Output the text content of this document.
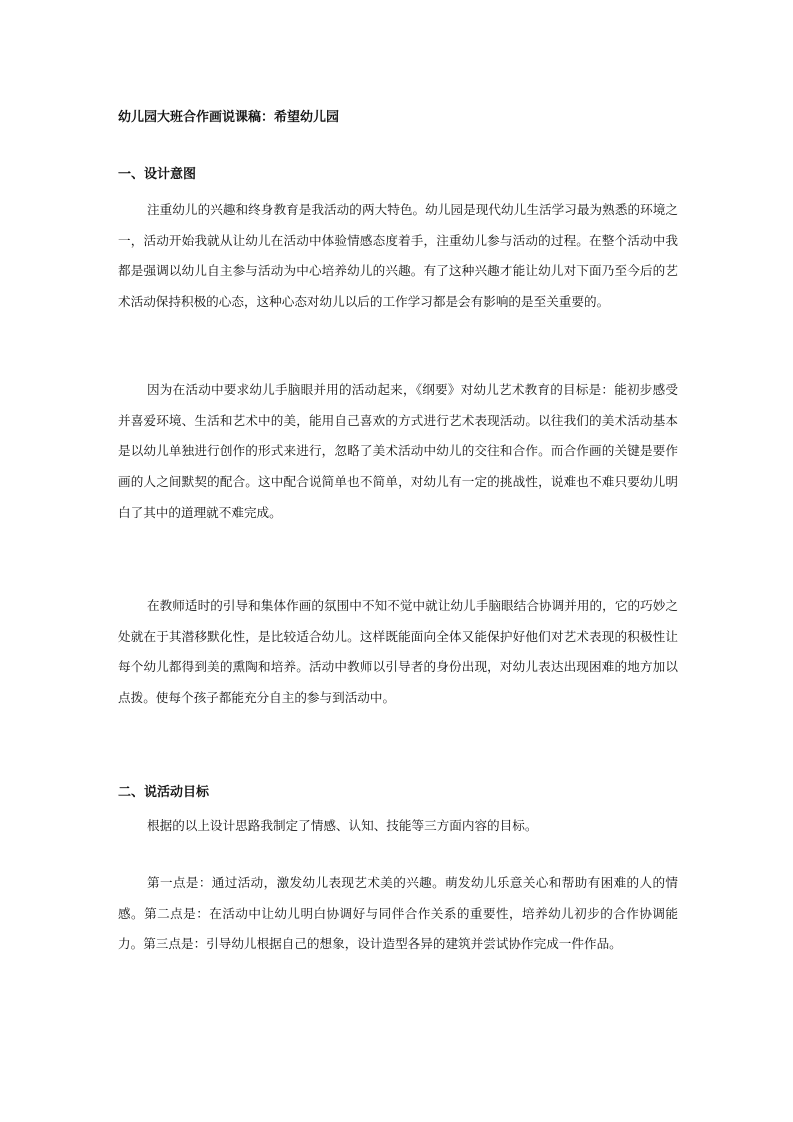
幼儿园大班合作画说课稿：希望幼儿园
一、设计意图

注重幼儿的兴趣和终身教育是我活动的两大特色。幼儿园是现代幼儿生活学习最为熟悉的环境之一，活动开始我就从让幼儿在活动中体验情感态度着手，注重幼儿参与活动的过程。在整个活动中我都是强调以幼儿自主参与活动为中心培养幼儿的兴趣。有了这种兴趣才能让幼儿对下面乃至今后的艺术活动保持积极的心态，这种心态对幼儿以后的工作学习都是会有影响的是至关重要的。

因为在活动中要求幼儿手脑眼并用的活动起来，《纲要》对幼儿艺术教育的目标是：能初步感受并喜爱环境、生活和艺术中的美，能用自己喜欢的方式进行艺术表现活动。以往我们的美术活动基本是以幼儿单独进行创作的形式来进行，忽略了美术活动中幼儿的交往和合作。而合作画的关键是要作画的人之间默契的配合。这中配合说简单也不简单，对幼儿有一定的挑战性，说难也不难只要幼儿明白了其中的道理就不难完成。

在教师适时的引导和集体作画的氛围中不知不觉中就让幼儿手脑眼结合协调并用的，它的巧妙之处就在于其潜移默化性，是比较适合幼儿。这样既能面向全体又能保护好他们对艺术表现的积极性让每个幼儿都得到美的熏陶和培养。活动中教师以引导者的身份出现，对幼儿表达出现困难的地方加以点拨。使每个孩子都能充分自主的参与到活动中。

二、说活动目标

根据的以上设计思路我制定了情感、认知、技能等三方面内容的目标。

第一点是：通过活动，激发幼儿表现艺术美的兴趣。萌发幼儿乐意关心和帮助有困难的人的情感。第二点是：在活动中让幼儿明白协调好与同伴合作关系的重要性，培养幼儿初步的合作协调能力。第三点是：引导幼儿根据自己的想象，设计造型各异的建筑并尝试协作完成一件作品。
